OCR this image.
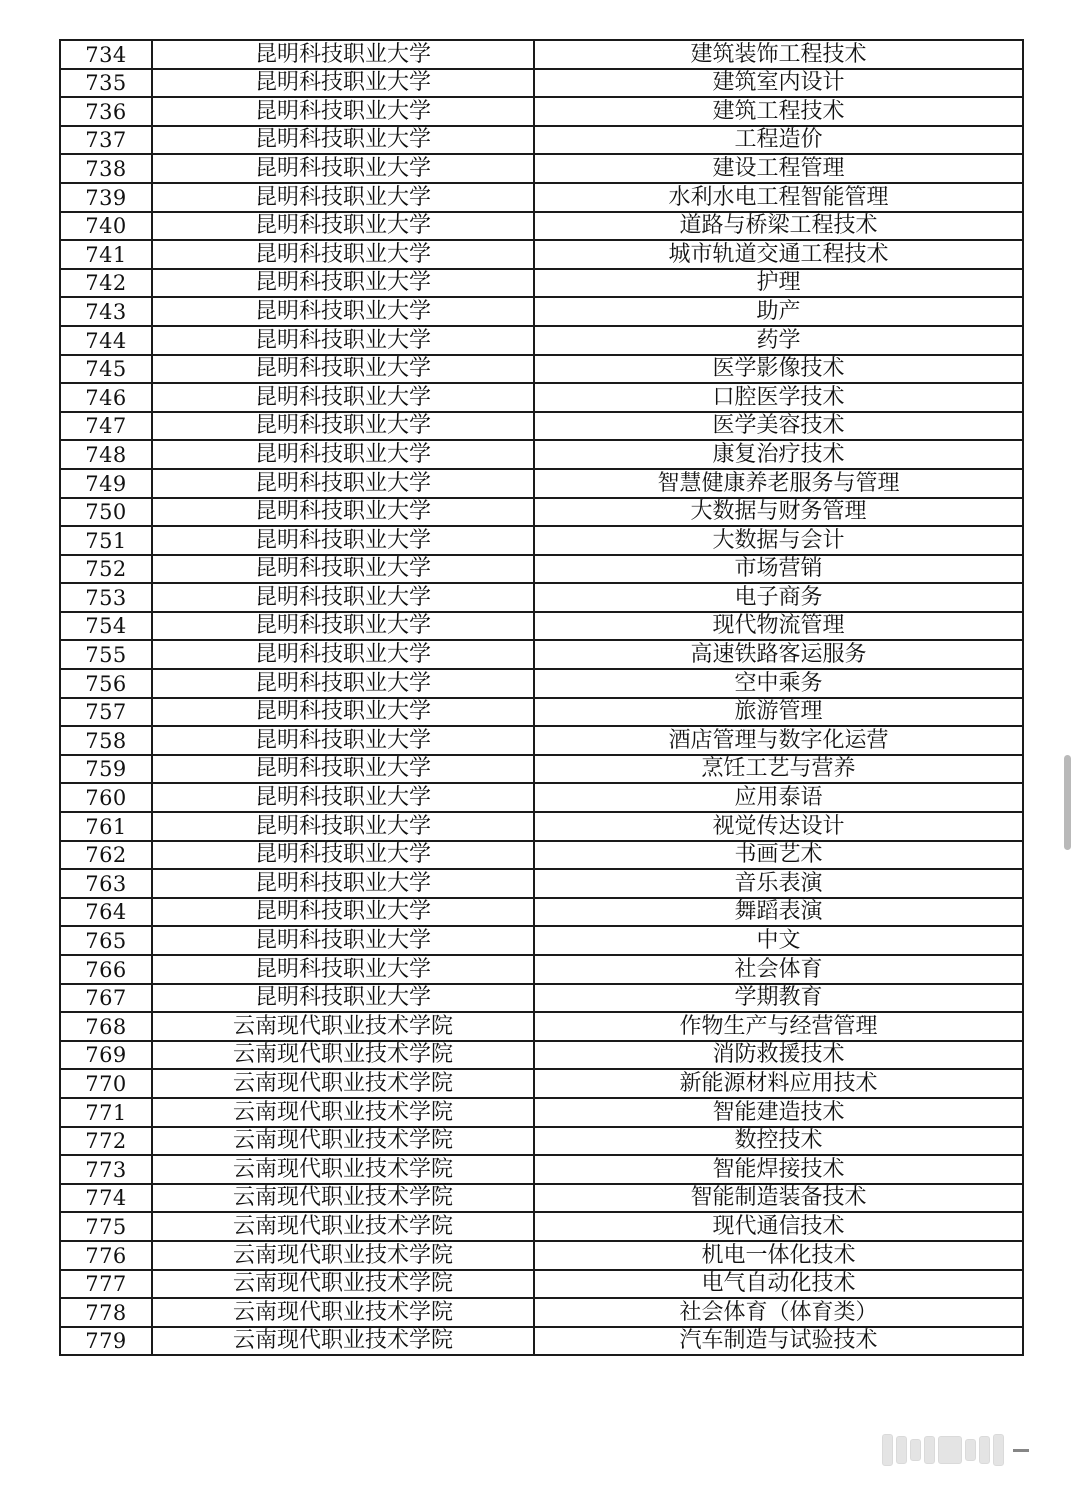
734	昆明科技职业大学	建筑装饰工程技术
735	昆明科技职业大学	建筑室内设计
736	昆明科技职业大学	建筑工程技术
737	昆明科技职业大学	工程造价
738	昆明科技职业大学	建设工程管理
739	昆明科技职业大学	水利水电工程智能管理
740	昆明科技职业大学	道路与桥梁工程技术
741	昆明科技职业大学	城市轨道交通工程技术
742	昆明科技职业大学	护理
743	昆明科技职业大学	助产
744	昆明科技职业大学	药学
745	昆明科技职业大学	医学影像技术
746	昆明科技职业大学	口腔医学技术
747	昆明科技职业大学	医学美容技术
748	昆明科技职业大学	康复治疗技术
749	昆明科技职业大学	智慧健康养老服务与管理
750	昆明科技职业大学	大数据与财务管理
751	昆明科技职业大学	大数据与会计
752	昆明科技职业大学	市场营销
753	昆明科技职业大学	电子商务
754	昆明科技职业大学	现代物流管理
755	昆明科技职业大学	高速铁路客运服务
756	昆明科技职业大学	空中乘务
757	昆明科技职业大学	旅游管理
758	昆明科技职业大学	酒店管理与数字化运营
759	昆明科技职业大学	烹饪工艺与营养
760	昆明科技职业大学	应用泰语
761	昆明科技职业大学	视觉传达设计
762	昆明科技职业大学	书画艺术
763	昆明科技职业大学	音乐表演
764	昆明科技职业大学	舞蹈表演
765	昆明科技职业大学	中文
766	昆明科技职业大学	社会体育
767	昆明科技职业大学	学期教育
768	云南现代职业技术学院	作物生产与经营管理
769	云南现代职业技术学院	消防救援技术
770	云南现代职业技术学院	新能源材料应用技术
771	云南现代职业技术学院	智能建造技术
772	云南现代职业技术学院	数控技术
773	云南现代职业技术学院	智能焊接技术
774	云南现代职业技术学院	智能制造装备技术
775	云南现代职业技术学院	现代通信技术
776	云南现代职业技术学院	机电一体化技术
777	云南现代职业技术学院	电气自动化技术
778	云南现代职业技术学院	社会体育（体育类）
779	云南现代职业技术学院	汽车制造与试验技术
